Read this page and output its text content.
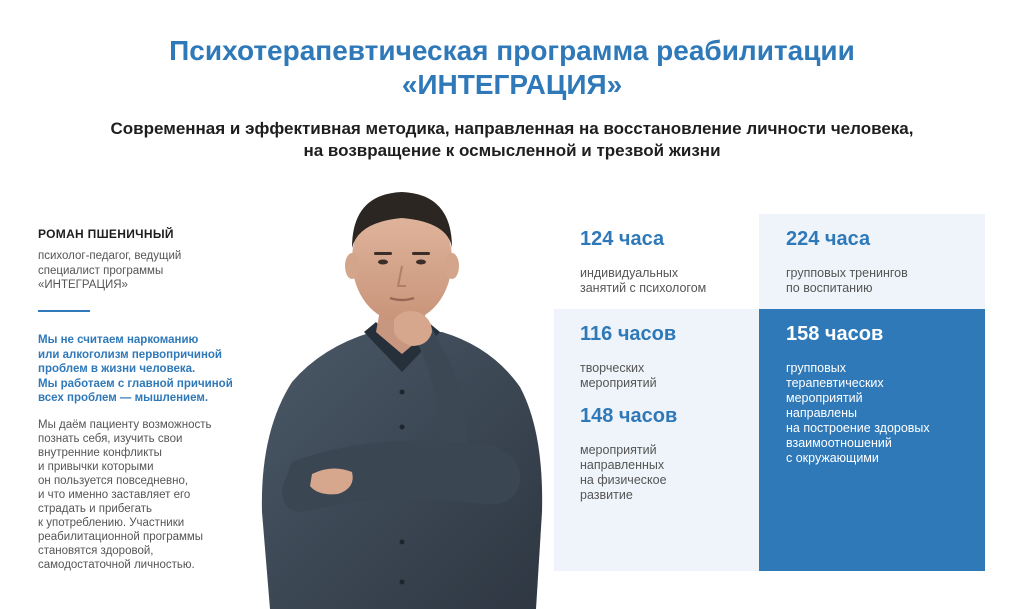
Психотерапевтическая программа реабилитации
«ИНТЕГРАЦИЯ»
Современная и эффективная методика, направленная на восстановление личности человека,
на возвращение к осмысленной и трезвой жизни
РОМАН ПШЕНИЧНЫЙ
психолог-педагог, ведущий
специалист программы
«ИНТЕГРАЦИЯ»
Мы не считаем наркоманию
или алкоголизм первопричиной
проблем в жизни человека.
Мы работаем с главной причиной
всех проблем — мышлением.
Мы даём пациенту возможность
познать себя, изучить свои
внутренние конфликты
и привычки которыми
он пользуется повседневно,
и что именно заставляет его
страдать и прибегать
к употреблению. Участники
реабилитационной программы
становятся здоровой,
самодостаточной личностью.
124 часа
индивидуальных
занятий с психологом
224 часа
групповых тренингов
по воспитанию
116 часов
творческих
мероприятий
148 часов
мероприятий
направленных
на физическое
развитие
158 часов
групповых
терапевтических
мероприятий
направлены
на построение здоровых
взаимоотношений
с окружающими
